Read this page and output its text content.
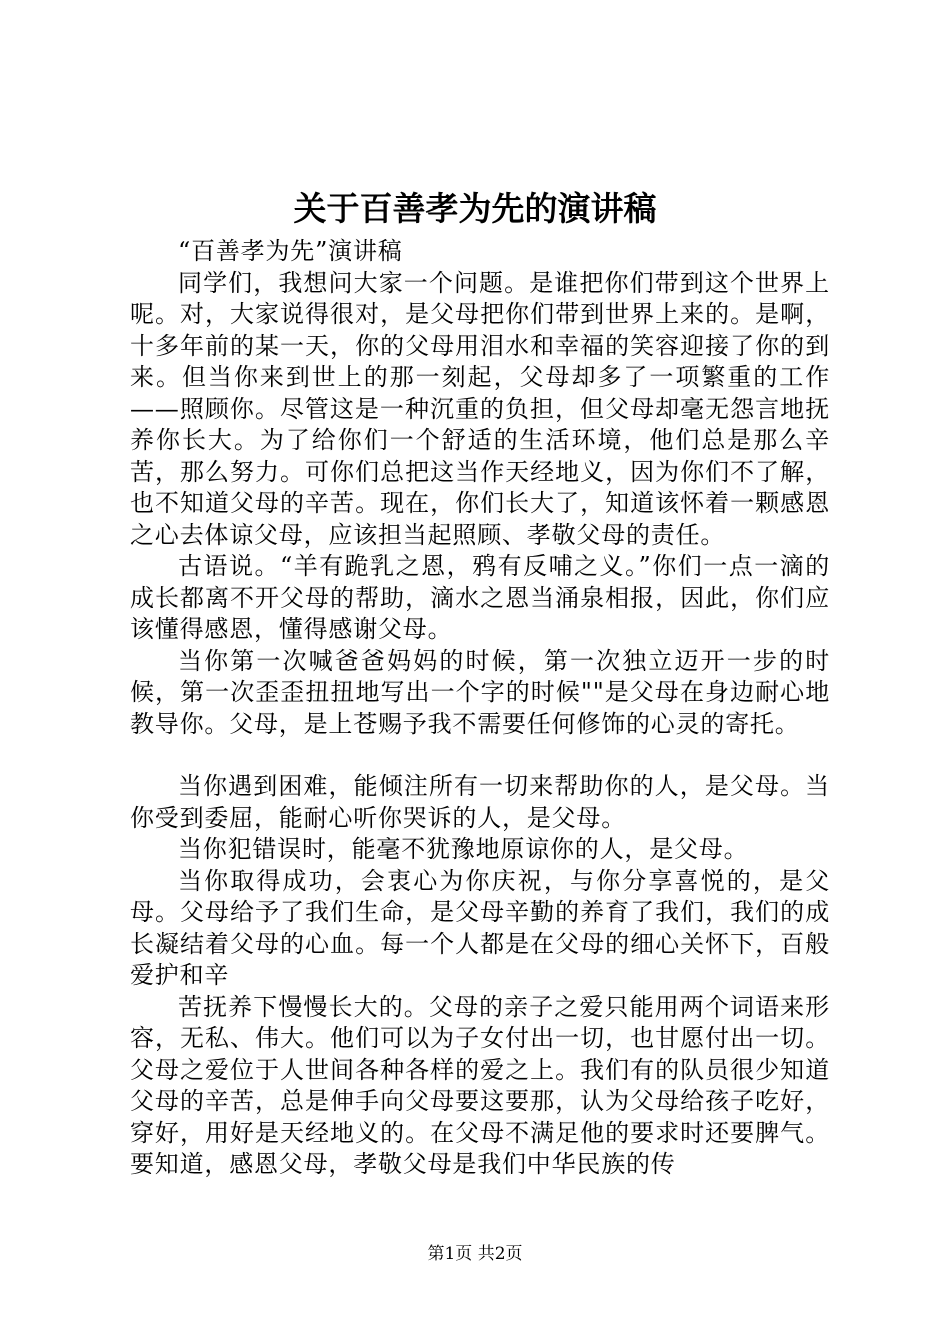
关于百善孝为先的演讲稿

“百善孝为先”演讲稿

同学们，我想问大家一个问题。是谁把你们带到这个世界上呢。对，大家说得很对，是父母把你们带到世界上来的。是啊，十多年前的某一天，你的父母用泪水和幸福的笑容迎接了你的到来。但当你来到世上的那一刻起，父母却多了一项繁重的工作——照顾你。尽管这是一种沉重的负担，但父母却毫无怨言地抚养你长大。为了给你们一个舒适的生活环境，他们总是那么辛苦，那么努力。可你们总把这当作天经地义，因为你们不了解，也不知道父母的辛苦。现在，你们长大了，知道该怀着一颗感恩之心去体谅父母，应该担当起照顾、孝敬父母的责任。

古语说。“羊有跪乳之恩，鸦有反哺之义。”你们一点一滴的成长都离不开父母的帮助，滴水之恩当涌泉相报，因此，你们应该懂得感恩，懂得感谢父母。

当你第一次喊爸爸妈妈的时候，第一次独立迈开一步的时候，第一次歪歪扭扭地写出一个字的时候""是父母在身边耐心地教导你。父母，是上苍赐予我不需要任何修饰的心灵的寄托。

当你遇到困难，能倾注所有一切来帮助你的人，是父母。当你受到委屈，能耐心听你哭诉的人，是父母。

当你犯错误时，能毫不犹豫地原谅你的人，是父母。

当你取得成功，会衷心为你庆祝，与你分享喜悦的，是父母。父母给予了我们生命，是父母辛勤的养育了我们，我们的成长凝结着父母的心血。每一个人都是在父母的细心关怀下，百般爱护和辛

苦抚养下慢慢长大的。父母的亲子之爱只能用两个词语来形容，无私、伟大。他们可以为子女付出一切，也甘愿付出一切。父母之爱位于人世间各种各样的爱之上。我们有的队员很少知道父母的辛苦，总是伸手向父母要这要那，认为父母给孩子吃好，穿好，用好是天经地义的。在父母不满足他的要求时还要脾气。要知道，感恩父母，孝敬父母是我们中华民族的传

第1页 共2页
